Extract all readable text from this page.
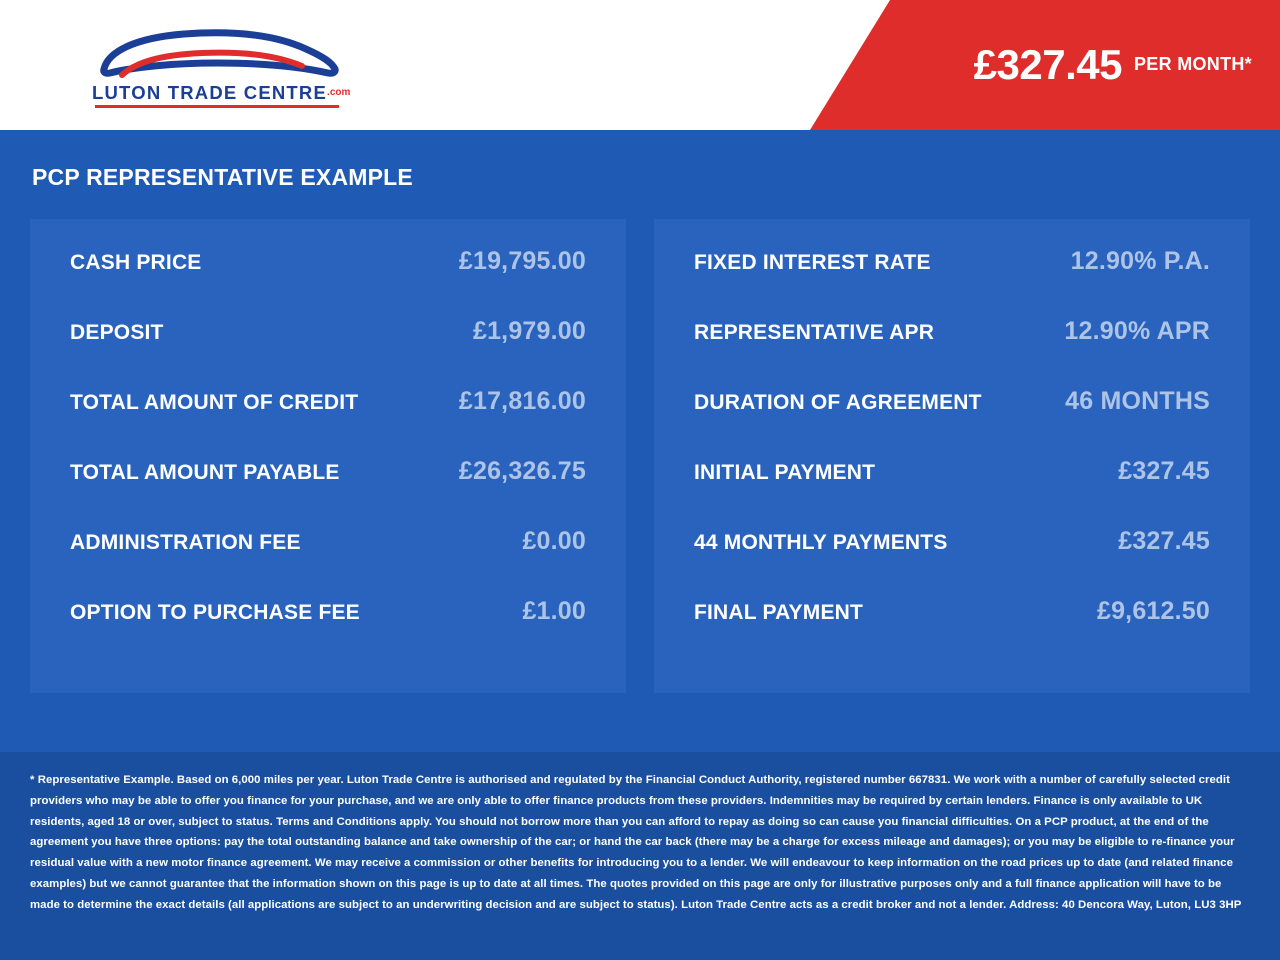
LUTON TRADE $CENTRE^{.com}$
£327.45 PER MONTH*
PCP REPRESENTATIVE EXAMPLE
CASH PRICE	£19,795.00
DEPOSIT	£1,979.00
TOTAL AMOUNT OF CREDIT	£17,816.00
TOTAL AMOUNT PAYABLE	£26,326.75
ADMINISTRATION FEE	£0.00
OPTION TO PURCHASE FEE	£1.00
FIXED INTEREST RATE	12.90% P.A.
REPRESENTATIVE APR	12.90% APR
DURATION OF AGREEMENT	46 MONTHS
INITIAL PAYMENT	£327.45
44 MONTHLY PAYMENTS	£327.45
FINAL PAYMENT	£9,612.50

* Representative Example. Based on 6,000 miles per year. Luton Trade Centre is authorised and regulated by the Financial Conduct Authority, registered number 667831. We work with a number of carefully selected credit providers who may be able to offer you finance for your purchase, and we are only able to offer finance products from these providers. Indemnities may be required by certain lenders. Finance is only available to UK residents, aged 18 or over, subject to status. Terms and Conditions apply. You should not borrow more than you can afford to repay as doing so can cause you financial difficulties. On a PCP product, at the end of the agreement you have three options: pay the total outstanding balance and take ownership of the car; or hand the car back (there may be a charge for excess mileage and damages); or you may be eligible to re-finance your residual value with a new motor finance agreement. We may receive a commission or other benefits for introducing you to a lender. We will endeavour to keep information on the road prices up to date (and related finance examples) but we cannot guarantee that the information shown on this page is up to date at all times. The quotes provided on this page are only for illustrative purposes only and a full finance application will have to be made to determine the exact details (all applications are subject to an underwriting decision and are subject to status). Luton Trade Centre acts as a credit broker and not a lender. Address: 40 Dencora Way, Luton, LU3 3HP
